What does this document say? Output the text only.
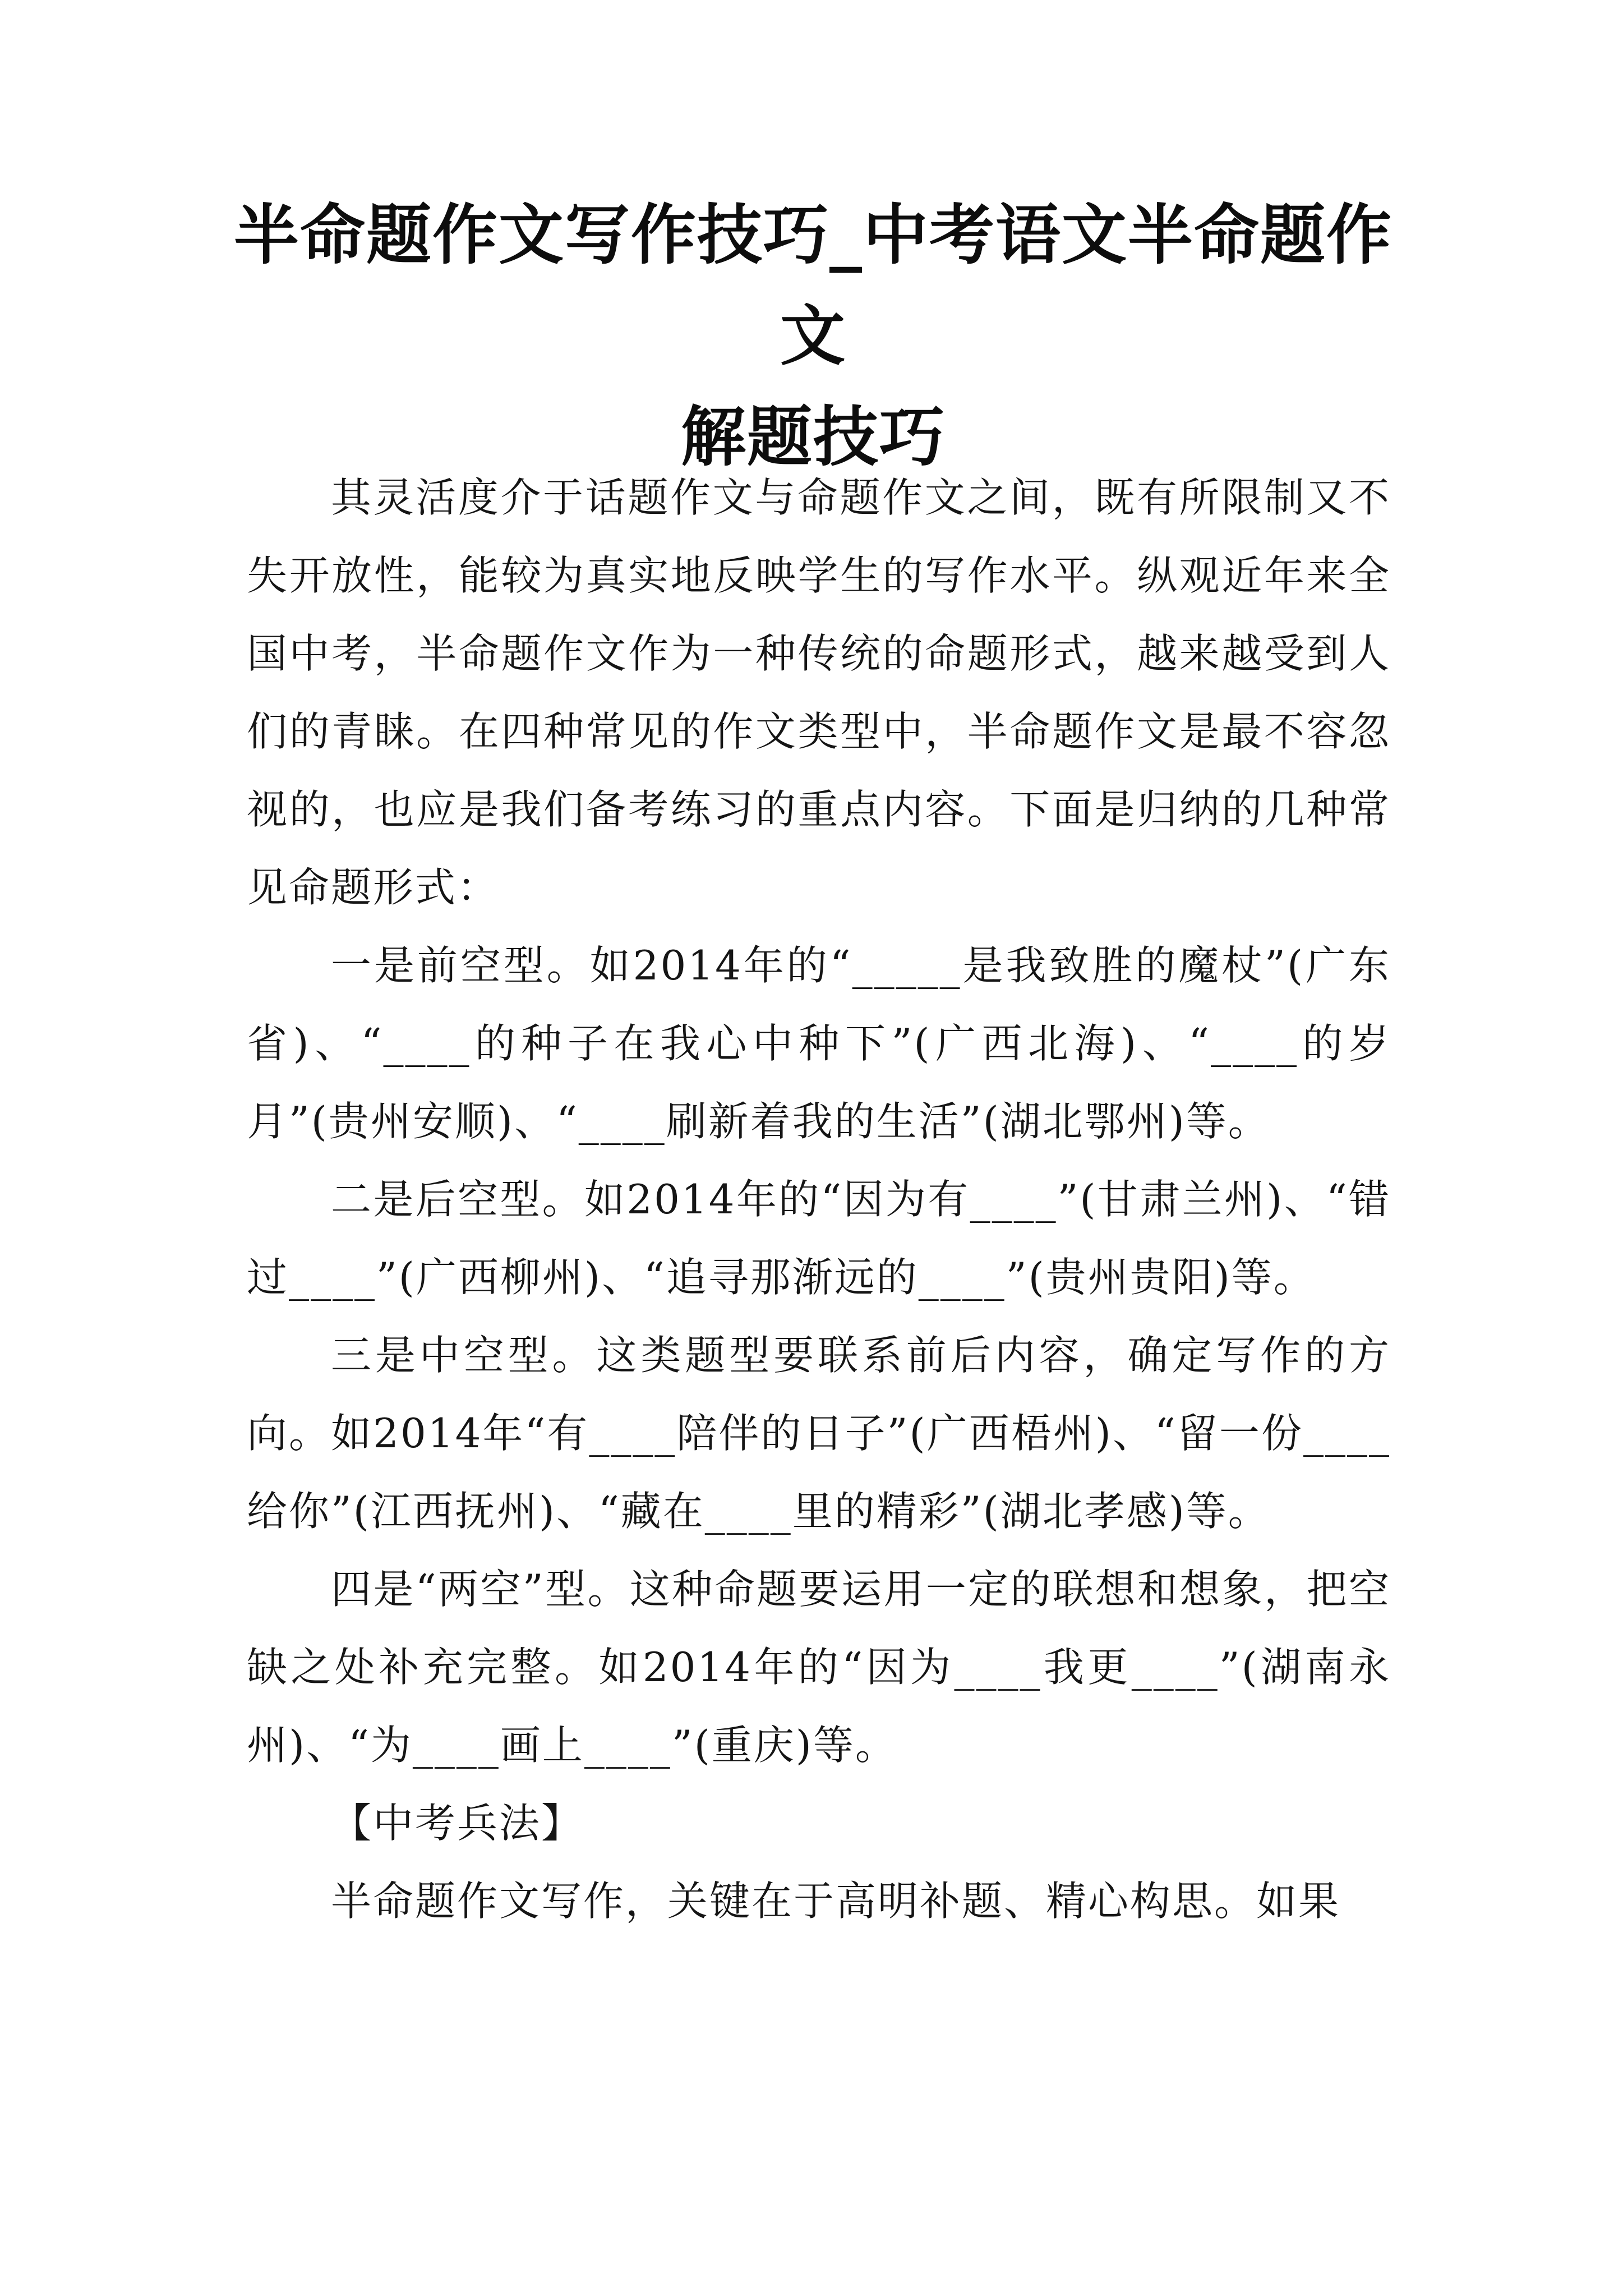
半命题作文写作技巧_中考语文半命题作文
解题技巧

其灵活度介于话题作文与命题作文之间，既有所限制又不失开放性，能较为真实地反映学生的写作水平。纵观近年来全国中考，半命题作文作为一种传统的命题形式，越来越受到人们的青睐。在四种常见的作文类型中，半命题作文是最不容忽视的，也应是我们备考练习的重点内容。下面是归纳的几种常见命题形式：

一是前空型。如2014年的“_____是我致胜的魔杖”(广东省)、“____的种子在我心中种下”(广西北海)、“____的岁月”(贵州安顺)、“____刷新着我的生活”(湖北鄂州)等。

二是后空型。如2014年的“因为有____”(甘肃兰州)、“错过____”(广西柳州)、“追寻那渐远的____”(贵州贵阳)等。

三是中空型。这类题型要联系前后内容，确定写作的方向。如2014年“有____陪伴的日子”(广西梧州)、“留一份____给你”(江西抚州)、“藏在____里的精彩”(湖北孝感)等。

四是“两空”型。这种命题要运用一定的联想和想象，把空缺之处补充完整。如2014年的“因为____我更____”(湖南永州)、“为____画上____”(重庆)等。

【中考兵法】

半命题作文写作，关键在于高明补题、精心构思。如果
